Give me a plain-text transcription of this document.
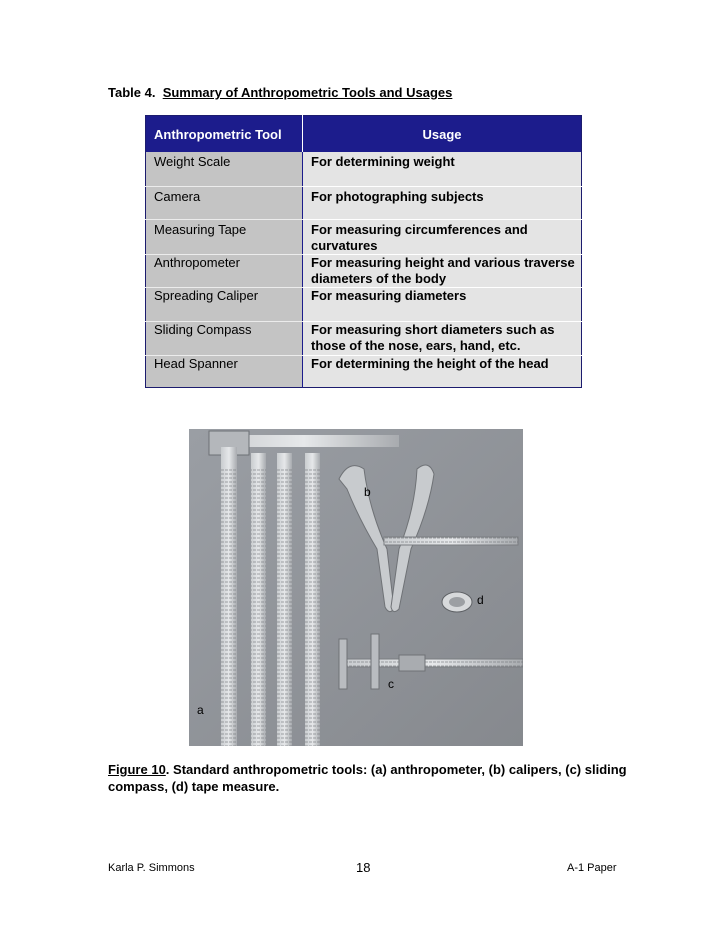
Table 4. Summary of Anthropometric Tools and Usages
Anthropometric Tool	Usage
Weight Scale	For determining weight
Camera	For photographing subjects
Measuring Tape	For measuring circumferences and curvatures
Anthropometer	For measuring height and various traverse diameters of the body
Spreading Caliper	For measuring diameters
Sliding Compass	For measuring short diameters such as those of the nose, ears, hand, etc.
Head Spanner	For determining the height of the head
b
d
c
a
Figure 10. Standard anthropometric tools: (a) anthropometer, (b) calipers, (c) sliding compass, (d) tape measure.
Karla P. Simmons	18	A-1 Paper
